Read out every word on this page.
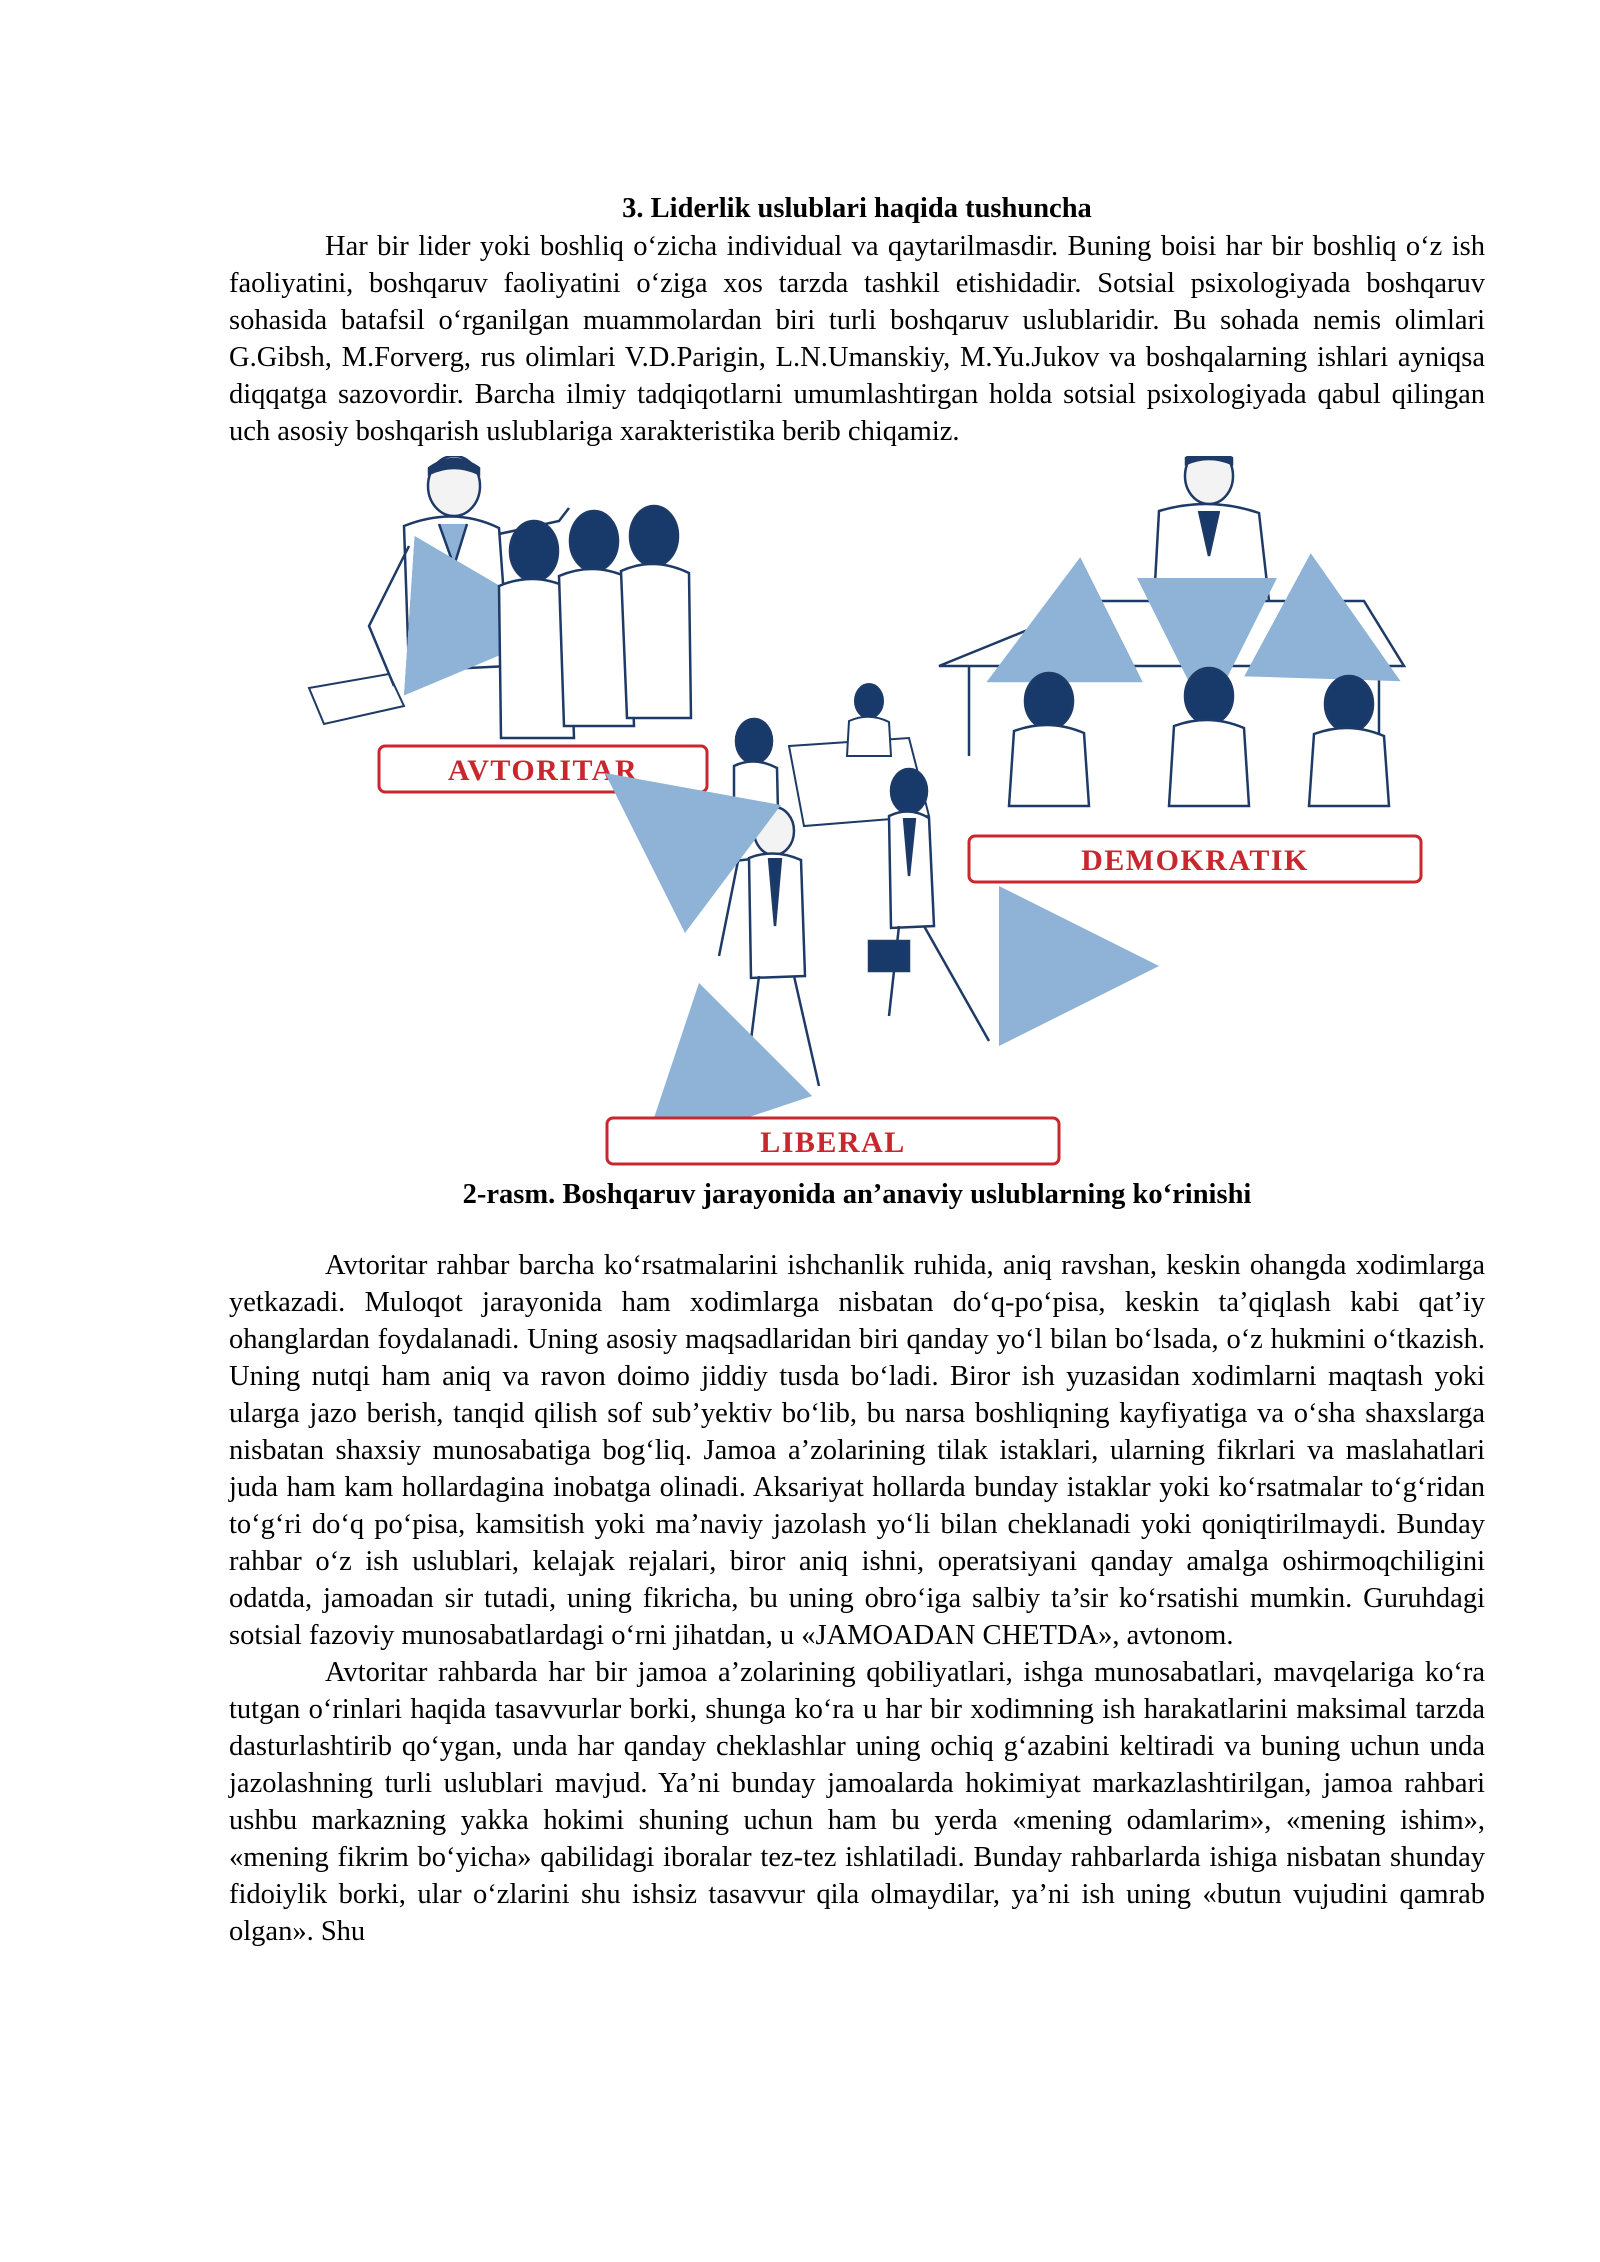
3. Liderlik uslublari haqida tushuncha

Har bir lider yoki boshliq o‘zicha individual va qaytarilmasdir. Buning boisi har bir boshliq o‘z ish faoliyatini, boshqaruv faoliyatini o‘ziga xos tarzda tashkil etishidadir. Sotsial psixologiyada boshqaruv sohasida batafsil o‘rganilgan muammolardan biri turli boshqaruv uslublaridir. Bu sohada nemis olimlari G.Gibsh, M.Forverg, rus olimlari V.D.Parigin, L.N.Umanskiy, M.Yu.Jukov va boshqalarning ishlari ayniqsa diqqatga sazovordir. Barcha ilmiy tadqiqotlarni umumlashtirgan holda sotsial psixologiyada qabul qilingan uch asosiy boshqarish uslublariga xarakteristika berib chiqamiz.

AVTORITAR
DEMOKRATIK
LIBERAL
2-rasm. Boshqaruv jarayonida an’anaviy uslublarning ko‘rinishi

Avtoritar rahbar barcha ko‘rsatmalarini ishchanlik ruhida, aniq ravshan, keskin ohangda xodimlarga yetkazadi. Muloqot jarayonida ham xodimlarga nisbatan do‘q-po‘pisa, keskin ta’qiqlash kabi qat’iy ohanglardan foydalanadi. Uning asosiy maqsadlaridan biri qanday yo‘l bilan bo‘lsada, o‘z hukmini o‘tkazish. Uning nutqi ham aniq va ravon doimo jiddiy tusda bo‘ladi. Biror ish yuzasidan xodimlarni maqtash yoki ularga jazo berish, tanqid qilish sof sub’yektiv bo‘lib, bu narsa boshliqning kayfiyatiga va o‘sha shaxslarga nisbatan shaxsiy munosabatiga bog‘liq. Jamoa a’zolarining tilak istaklari, ularning fikrlari va maslahatlari juda ham kam hollardagina inobatga olinadi. Aksariyat hollarda bunday istaklar yoki ko‘rsatmalar to‘g‘ridan to‘g‘ri do‘q po‘pisa, kamsitish yoki ma’naviy jazolash yo‘li bilan cheklanadi yoki qoniqtirilmaydi. Bunday rahbar o‘z ish uslublari, kelajak rejalari, biror aniq ishni, operatsiyani qanday amalga oshirmoqchiligini odatda, jamoadan sir tutadi, uning fikricha, bu uning obro‘iga salbiy ta’sir ko‘rsatishi mumkin. Guruhdagi sotsial fazoviy munosabatlardagi o‘rni jihatdan, u «JAMOADAN CHETDA», avtonom.

Avtoritar rahbarda har bir jamoa a’zolarining qobiliyatlari, ishga munosabatlari, mavqelariga ko‘ra tutgan o‘rinlari haqida tasavvurlar borki, shunga ko‘ra u har bir xodimning ish harakatlarini maksimal tarzda dasturlashtirib qo‘ygan, unda har qanday cheklashlar uning ochiq g‘azabini keltiradi va buning uchun unda jazolashning turli uslublari mavjud. Ya’ni bunday jamoalarda hokimiyat markazlashtirilgan, jamoa rahbari ushbu markazning yakka hokimi shuning uchun ham bu yerda «mening odamlarim», «mening ishim», «mening fikrim bo‘yicha» qabilidagi iboralar tez-tez ishlatiladi. Bunday rahbarlarda ishiga nisbatan shunday fidoiylik borki, ular o‘zlarini shu ishsiz tasavvur qila olmaydilar, ya’ni ish uning «butun vujudini qamrab olgan». Shu
